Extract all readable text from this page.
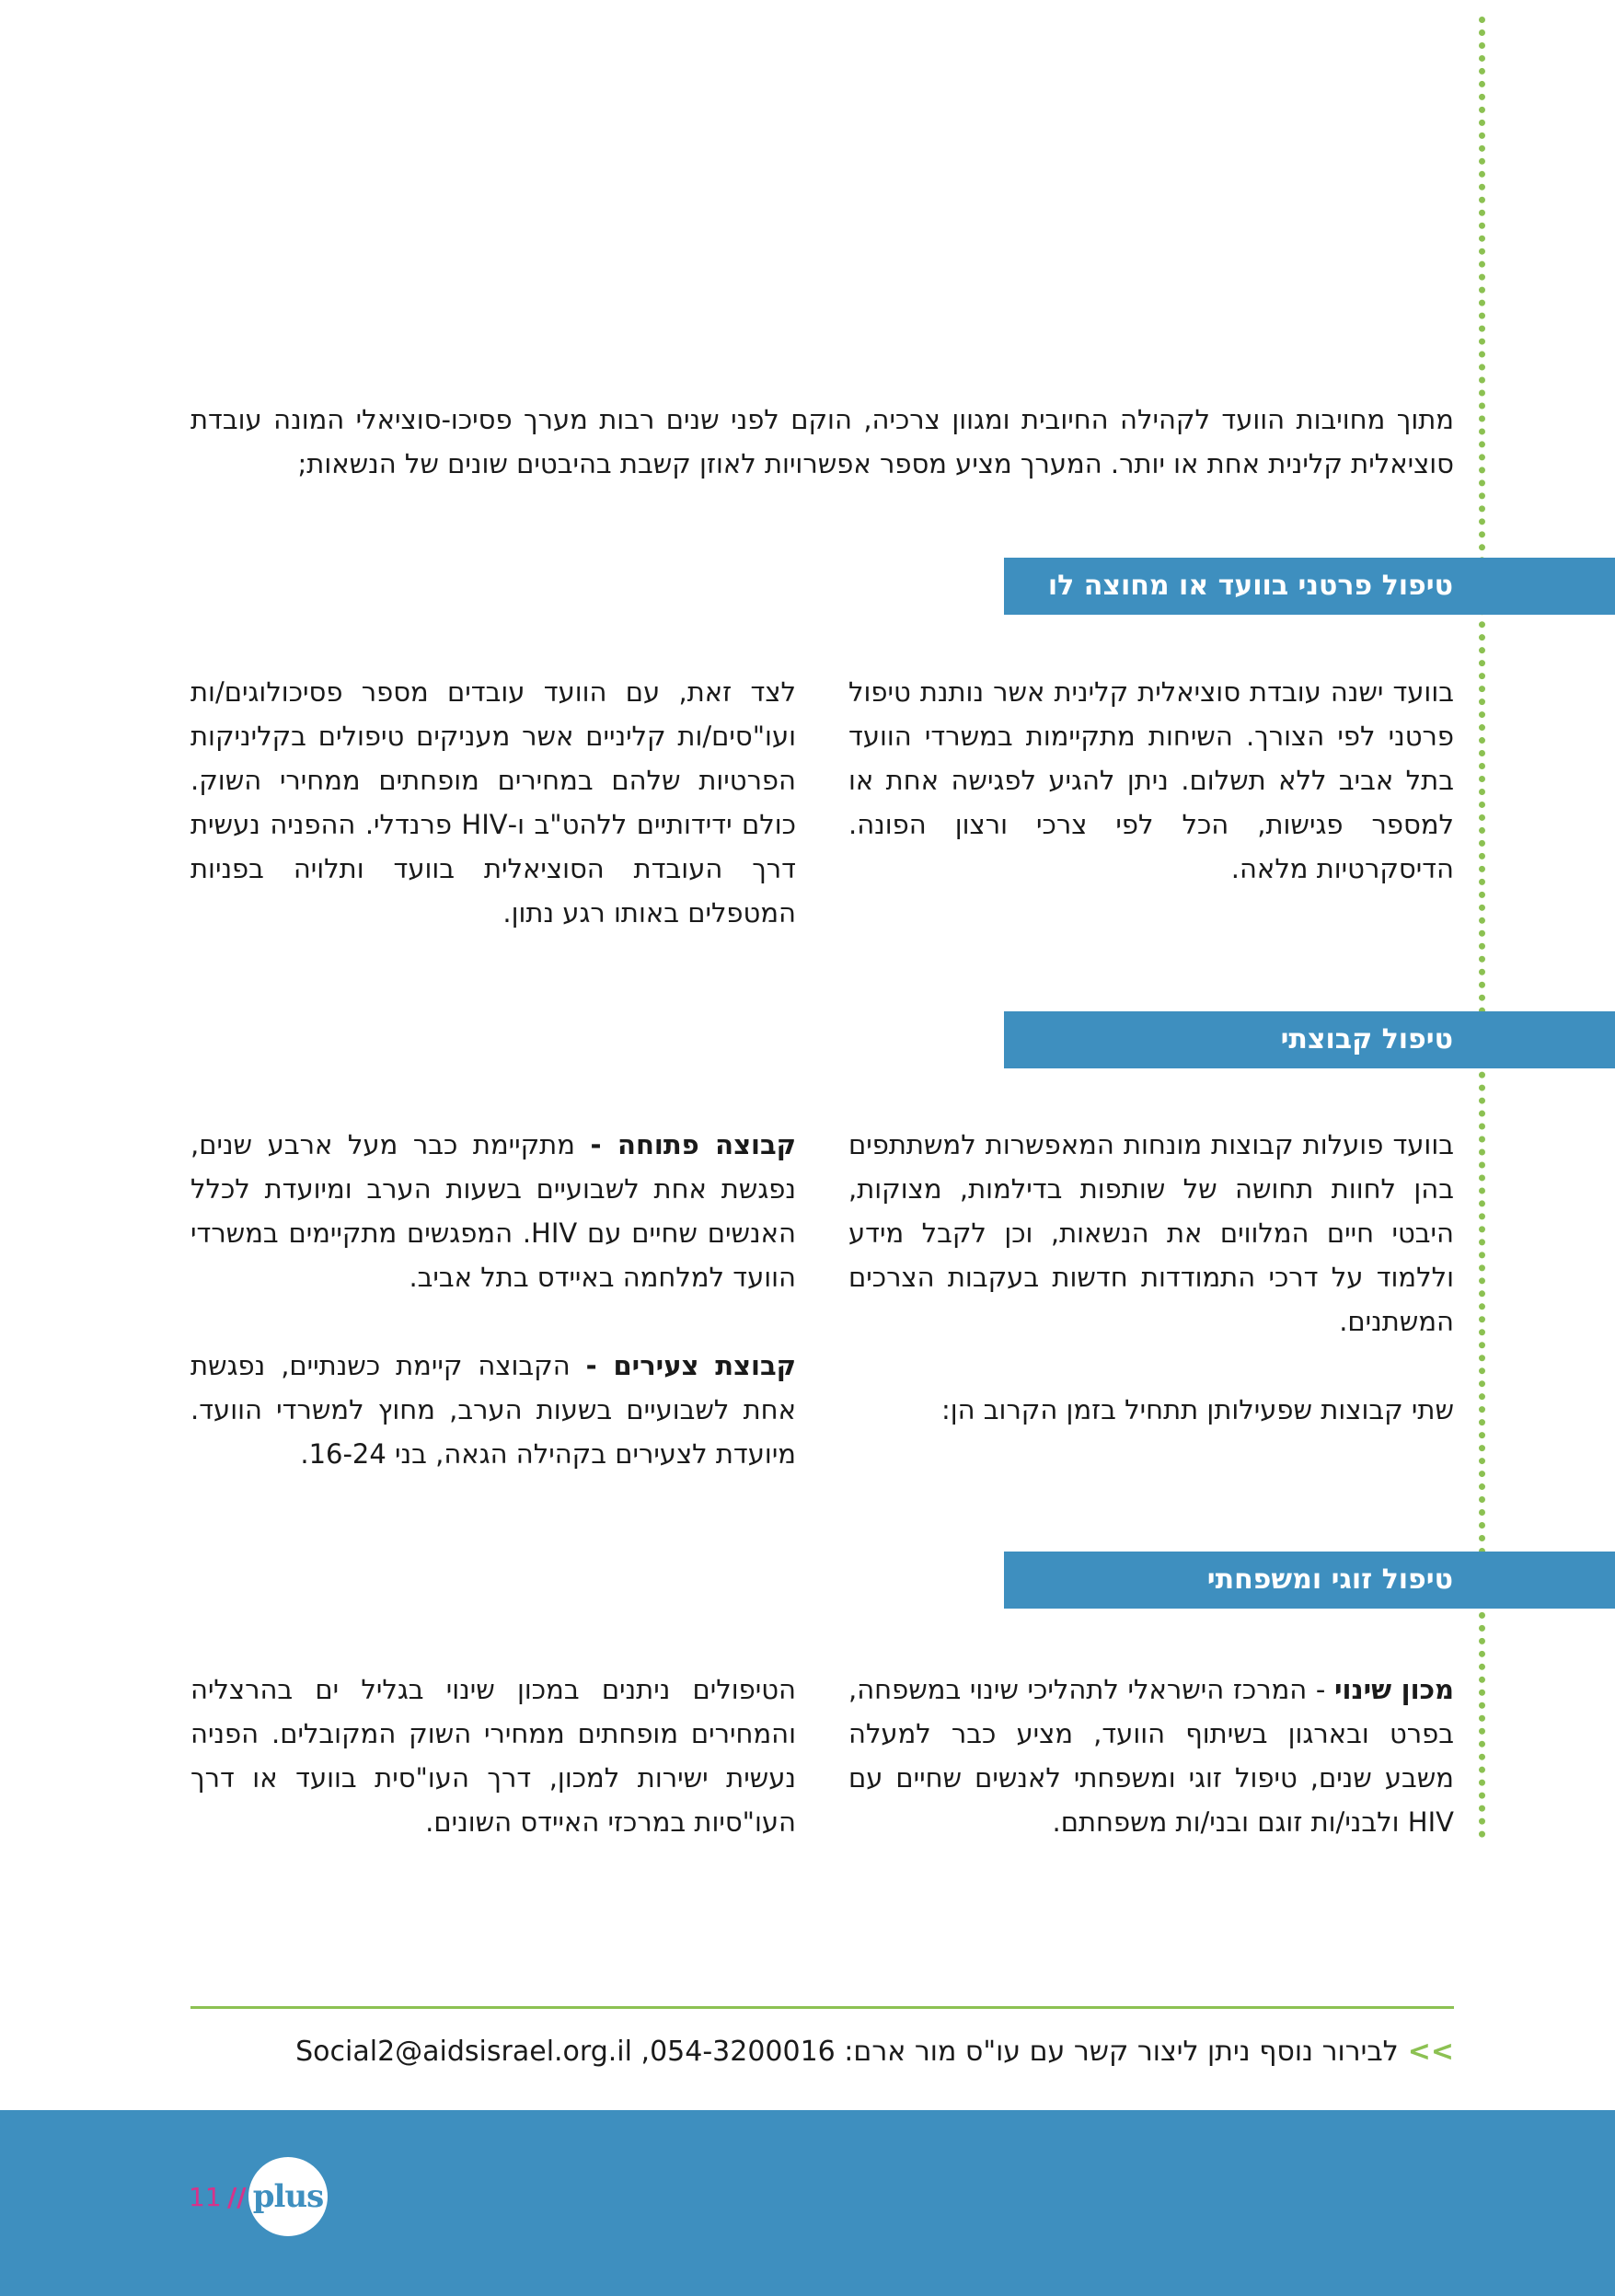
מתוך מחויבות הוועד לקהילה החיובית ומגוון צרכיה, הוקם לפני שנים רבות מערך פסיכו-סוציאלי המונה עובדת סוציאלית קלינית אחת או יותר. המערך מציע מספר אפשרויות לאוזן קשבת בהיבטים שונים של הנשאות;

טיפול פרטני בוועד או מחוצה לו

בוועד ישנה עובדת סוציאלית קלינית אשר נותנת טיפול פרטני לפי הצורך. השיחות מתקיימות במשרדי הוועד בתל אביב ללא תשלום. ניתן להגיע לפגישה אחת או למספר פגישות, הכל לפי צרכי ורצון הפונה. הדיסקרטיות מלאה.

לצד זאת, עם הוועד עובדים מספר פסיכולוגים/ות ועו"סים/ות קליניים אשר מעניקים טיפולים בקליניקות הפרטיות שלהם במחירים מופחתים ממחירי השוק. כולם ידידותיים ללהט"ב ו-HIV פרנדלי. ההפניה נעשית דרך העובדת הסוציאלית בוועד ותלויה בפניות המטפלים באותו רגע נתון.

טיפול קבוצתי
בוועד פועלות קבוצות מונחות המאפשרות למשתתפים בהן לחוות תחושה של שותפות בדילמות, מצוקות, היבטי חיים המלווים את הנשאות, וכן לקבל מידע וללמוד על דרכי התמודדות חדשות בעקבות הצרכים המשתנים.
שתי קבוצות שפעילותן תתחיל בזמן הקרוב הן:
קבוצה פתוחה - מתקיימת כבר מעל ארבע שנים, נפגשת אחת לשבועיים בשעות הערב ומיועדת לכלל האנשים שחיים עם HIV. המפגשים מתקיימים במשרדי הוועד למלחמה באיידס בתל אביב.
קבוצת צעירים - הקבוצה קיימת כשנתיים, נפגשת אחת לשבועיים בשעות הערב, מחוץ למשרדי הוועד. מיועדת לצעירים בקהילה הגאה, בני 16-24.
טיפול זוגי ומשפחתי
מכון שינוי - המרכז הישראלי לתהליכי שינוי במשפחה, בפרט ובארגון בשיתוף הוועד, מציע כבר למעלה משבע שנים, טיפול זוגי ומשפחתי לאנשים שחיים עם HIV ולבני/ות זוגם ובני/ות משפחתם.

הטיפולים ניתנים במכון שינוי בגליל ים בהרצליה והמחירים מופחתים ממחירי השוק המקובלים. הפניה נעשית ישירות למכון, דרך העו"סית בוועד או דרך העו"סיות במרכזי האיידס השונים.

>>לבירור נוסף ניתן ליצור קשר עם עו"ס מור ארם: 054-3200016, Social2@aidsisrael.org.il
11 // plus
